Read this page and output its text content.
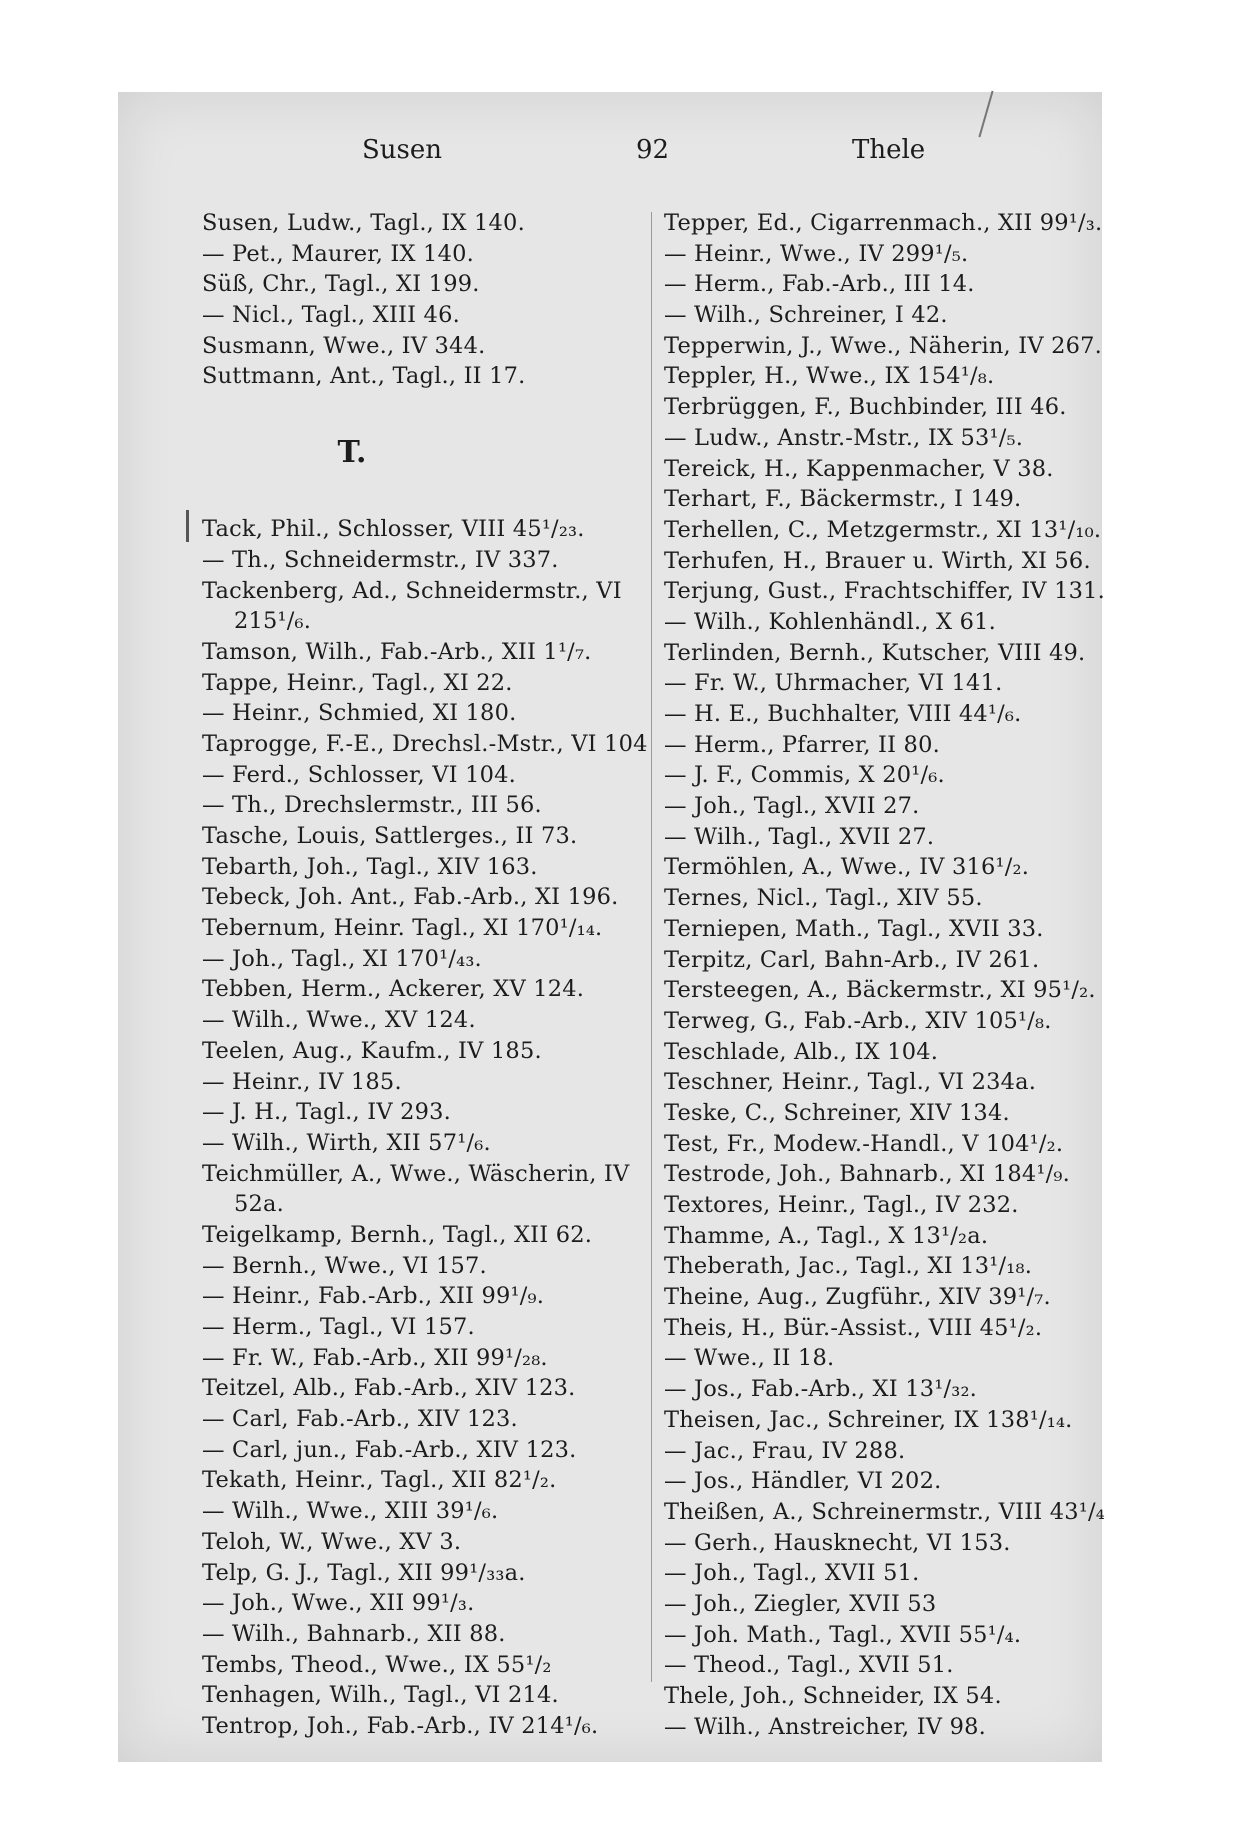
Susen	92	Thele
Susen, Ludw., Tagl., IX 140.
— Pet., Maurer, IX 140.
Süß, Chr., Tagl., XI 199.
— Nicl., Tagl., XIII 46.
Susmann, Wwe., IV 344.
Suttmann, Ant., Tagl., II 17.
T.
Tack, Phil., Schlosser, VIII 45¹/₂₃.
— Th., Schneidermstr., IV 337.
Tackenberg, Ad., Schneidermstr., VI
215¹/₆.
Tamson, Wilh., Fab.-Arb., XII 1¹/₇.
Tappe, Heinr., Tagl., XI 22.
— Heinr., Schmied, XI 180.
Taprogge, F.-E., Drechsl.-Mstr., VI 104
— Ferd., Schlosser, VI 104.
— Th., Drechslermstr., III 56.
Tasche, Louis, Sattlerges., II 73.
Tebarth, Joh., Tagl., XIV 163.
Tebeck, Joh. Ant., Fab.-Arb., XI 196.
Tebernum, Heinr. Tagl., XI 170¹/₁₄.
— Joh., Tagl., XI 170¹/₄₃.
Tebben, Herm., Ackerer, XV 124.
— Wilh., Wwe., XV 124.
Teelen, Aug., Kaufm., IV 185.
— Heinr., IV 185.
— J. H., Tagl., IV 293.
— Wilh., Wirth, XII 57¹/₆.
Teichmüller, A., Wwe., Wäscherin, IV
52a.
Teigelkamp, Bernh., Tagl., XII 62.
— Bernh., Wwe., VI 157.
— Heinr., Fab.-Arb., XII 99¹/₉.
— Herm., Tagl., VI 157.
— Fr. W., Fab.-Arb., XII 99¹/₂₈.
Teitzel, Alb., Fab.-Arb., XIV 123.
— Carl, Fab.-Arb., XIV 123.
— Carl, jun., Fab.-Arb., XIV 123.
Tekath, Heinr., Tagl., XII 82¹/₂.
— Wilh., Wwe., XIII 39¹/₆.
Teloh, W., Wwe., XV 3.
Telp, G. J., Tagl., XII 99¹/₃₃a.
— Joh., Wwe., XII 99¹/₃.
— Wilh., Bahnarb., XII 88.
Tembs, Theod., Wwe., IX 55¹/₂
Tenhagen, Wilh., Tagl., VI 214.
Tentrop, Joh., Fab.-Arb., IV 214¹/₆.
Tepper, Ed., Cigarrenmach., XII 99¹/₃.
— Heinr., Wwe., IV 299¹/₅.
— Herm., Fab.-Arb., III 14.
— Wilh., Schreiner, I 42.
Tepperwin, J., Wwe., Näherin, IV 267.
Teppler, H., Wwe., IX 154¹/₈.
Terbrüggen, F., Buchbinder, III 46.
— Ludw., Anstr.-Mstr., IX 53¹/₅.
Tereick, H., Kappenmacher, V 38.
Terhart, F., Bäckermstr., I 149.
Terhellen, C., Metzgermstr., XI 13¹/₁₀.
Terhufen, H., Brauer u. Wirth, XI 56.
Terjung, Gust., Frachtschiffer, IV 131.
— Wilh., Kohlenhändl., X 61.
Terlinden, Bernh., Kutscher, VIII 49.
— Fr. W., Uhrmacher, VI 141.
— H. E., Buchhalter, VIII 44¹/₆.
— Herm., Pfarrer, II 80.
— J. F., Commis, X 20¹/₆.
— Joh., Tagl., XVII 27.
— Wilh., Tagl., XVII 27.
Termöhlen, A., Wwe., IV 316¹/₂.
Ternes, Nicl., Tagl., XIV 55.
Terniepen, Math., Tagl., XVII 33.
Terpitz, Carl, Bahn-Arb., IV 261.
Tersteegen, A., Bäckermstr., XI 95¹/₂.
Terweg, G., Fab.-Arb., XIV 105¹/₈.
Teschlade, Alb., IX 104.
Teschner, Heinr., Tagl., VI 234a.
Teske, C., Schreiner, XIV 134.
Test, Fr., Modew.-Handl., V 104¹/₂.
Testrode, Joh., Bahnarb., XI 184¹/₉.
Textores, Heinr., Tagl., IV 232.
Thamme, A., Tagl., X 13¹/₂a.
Theberath, Jac., Tagl., XI 13¹/₁₈.
Theine, Aug., Zugführ., XIV 39¹/₇.
Theis, H., Bür.-Assist., VIII 45¹/₂.
— Wwe., II 18.
— Jos., Fab.-Arb., XI 13¹/₃₂.
Theisen, Jac., Schreiner, IX 138¹/₁₄.
— Jac., Frau, IV 288.
— Jos., Händler, VI 202.
Theißen, A., Schreinermstr., VIII 43¹/₄
— Gerh., Hausknecht, VI 153.
— Joh., Tagl., XVII 51.
— Joh., Ziegler, XVII 53
— Joh. Math., Tagl., XVII 55¹/₄.
— Theod., Tagl., XVII 51.
Thele, Joh., Schneider, IX 54.
— Wilh., Anstreicher, IV 98.
